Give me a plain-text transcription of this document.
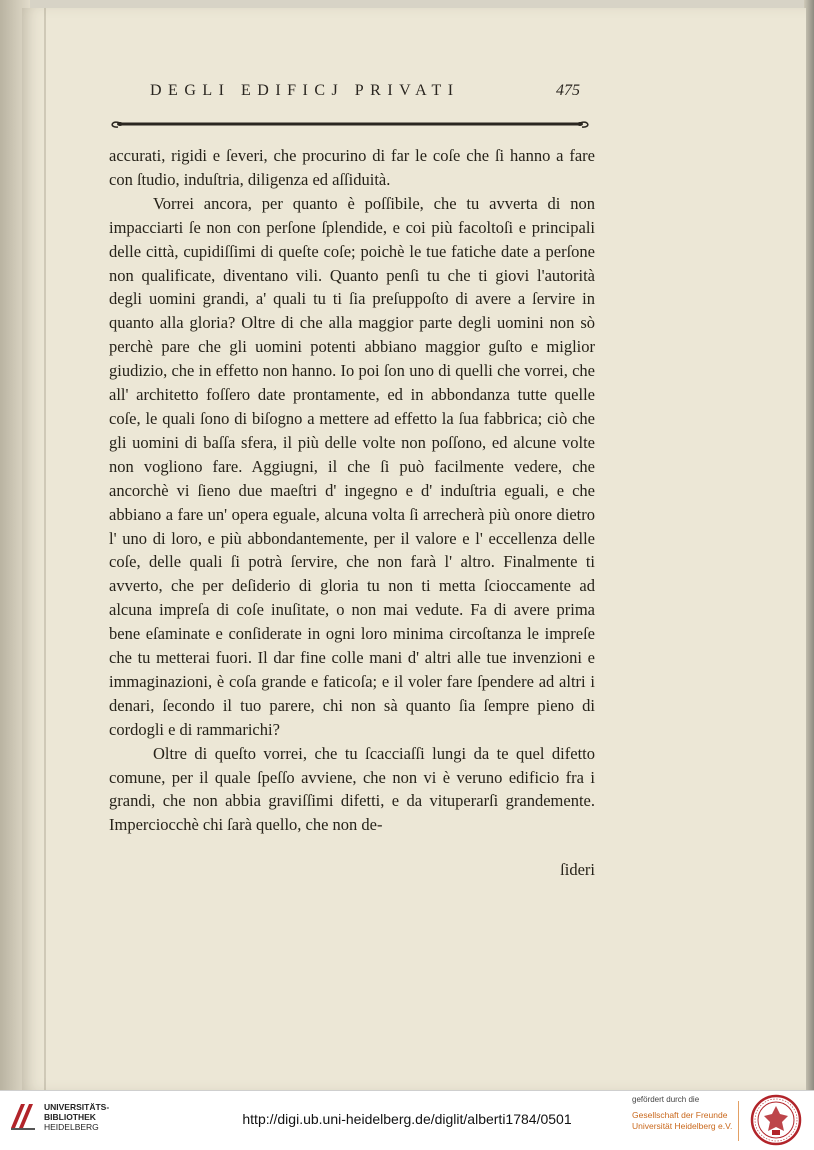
DEGLI EDIFICJ PRIVATI	475

accurati, rigidi e ſeveri, che procurino di far le coſe che ſi hanno a fare con ſtudio, induſtria, diligenza ed aſſiduità.

Vorrei ancora, per quanto è poſſibile, che tu avverta di non impacciarti ſe non con perſone ſplendide, e coi più facoltoſi e principali delle città, cupidiſſimi di queſte coſe; poichè le tue fatiche date a perſone non qualificate, diventano vili. Quanto penſi tu che ti giovi l'autorità degli uomini grandi, a' quali tu ti ſia preſuppoſto di avere a ſervire in quanto alla gloria? Oltre di che alla maggior parte degli uomini non sò perchè pare che gli uomini potenti abbiano maggior guſto e miglior giudizio, che in effetto non hanno. Io poi ſon uno di quelli che vorrei, che all' architetto foſſero date prontamente, ed in abbondanza tutte quelle coſe, le quali ſono di biſogno a mettere ad effetto la ſua fabbrica; ciò che gli uomini di baſſa sfera, il più delle volte non poſſono, ed alcune volte non vogliono fare. Aggiugni, il che ſi può facilmente vedere, che ancorchè vi ſieno due maeſtri d' ingegno e d' induſtria eguali, e che abbiano a fare un' opera eguale, alcuna volta ſi arrecherà più onore dietro l' uno di loro, e più abbondantemente, per il valore e l' eccellenza delle coſe, delle quali ſi potrà ſervire, che non farà l' altro. Finalmente ti avverto, che per deſiderio di gloria tu non ti metta ſcioccamente ad alcuna impreſa di coſe inuſitate, o non mai vedute. Fa di avere prima bene eſaminate e conſiderate in ogni loro minima circoſtanza le impreſe che tu metterai fuori. Il dar fine colle mani d' altri alle tue invenzioni e immaginazioni, è coſa grande e faticoſa; e il voler fare ſpendere ad altri i denari, ſecondo il tuo parere, chi non sà quanto ſia ſempre pieno di cordogli e di rammarichi?

Oltre di queſto vorrei, che tu ſcacciaſſi lungi da te quel difetto comune, per il quale ſpeſſo avviene, che non vi è veruno edificio fra i grandi, che non abbia graviſſimi difetti, e da vituperarſi grandemente. Imperciocchè chi ſarà quello, che non de-

ſideri
UNIVERSITÄTS-
BIBLIOTHEK
HEIDELBERG	http://digi.ub.uni-heidelberg.de/diglit/alberti1784/0501
gefördert durch die
Gesellschaft der Freunde
Universität Heidelberg e.V.
